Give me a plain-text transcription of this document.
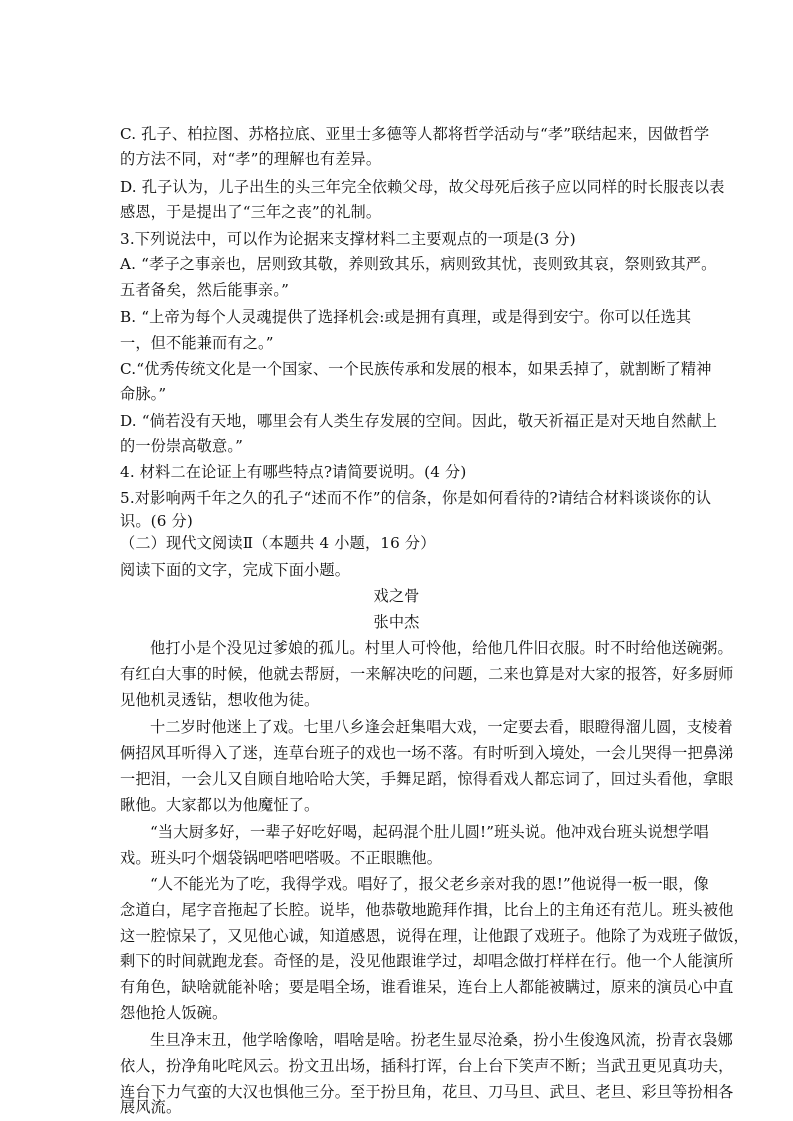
C. 孔子、柏拉图、苏格拉底、亚里士多德等人都将哲学活动与“孝”联结起来，因做哲学
的方法不同，对“孝”的理解也有差异。
D. 孔子认为，儿子出生的头三年完全依赖父母，故父母死后孩子应以同样的时长服丧以表
感恩，于是提出了“三年之丧”的礼制。
3.下列说法中，可以作为论据来支撑材料二主要观点的一项是(3 分)
A. “孝子之事亲也，居则致其敬，养则致其乐，病则致其忧，丧则致其哀，祭则致其严。
五者备矣，然后能事亲。”
B. “上帝为每个人灵魂提供了选择机会:或是拥有真理，或是得到安宁。你可以任选其
一，但不能兼而有之。”
C.“优秀传统文化是一个国家、一个民族传承和发展的根本，如果丢掉了，就割断了精神
命脉。”
D. “倘若没有天地，哪里会有人类生存发展的空间。因此，敬天祈福正是对天地自然献上
的一份崇高敬意。”
4. 材料二在论证上有哪些特点?请简要说明。(4 分)
5.对影响两千年之久的孔子“述而不作”的信条，你是如何看待的?请结合材料谈谈你的认
识。(6 分)
（二）现代文阅读Ⅱ（本题共 4 小题，16 分）
阅读下面的文字，完成下面小题。
戏之骨
张中杰
他打小是个没见过爹娘的孤儿。村里人可怜他，给他几件旧衣服。时不时给他送碗粥。
有红白大事的时候，他就去帮厨，一来解决吃的问题，二来也算是对大家的报答，好多厨师
见他机灵透钻，想收他为徒。
十二岁时他迷上了戏。七里八乡逢会赶集唱大戏，一定要去看，眼瞪得溜儿圆，支棱着
俩招风耳听得入了迷，连草台班子的戏也一场不落。有时听到入境处，一会儿哭得一把鼻涕
一把泪，一会儿又自顾自地哈哈大笑，手舞足蹈，惊得看戏人都忘词了，回过头看他，拿眼
瞅他。大家都以为他魔怔了。
“当大厨多好，一辈子好吃好喝，起码混个肚儿圆!”班头说。他冲戏台班头说想学唱
戏。班头叼个烟袋锅吧嗒吧嗒吸。不正眼瞧他。
“人不能光为了吃，我得学戏。唱好了，报父老乡亲对我的恩!”他说得一板一眼，像
念道白，尾字音拖起了长腔。说毕，他恭敬地跪拜作揖，比台上的主角还有范儿。班头被他
这一腔惊呆了，又见他心诚，知道感恩，说得在理，让他跟了戏班子。他除了为戏班子做饭，
剩下的时间就跑龙套。奇怪的是，没见他跟谁学过，却唱念做打样样在行。他一个人能演所
有角色，缺啥就能补啥；要是唱全场，谁看谁呆，连台上人都能被瞒过，原来的演员心中直
怨他抢人饭碗。
生旦净末丑，他学啥像啥，唱啥是啥。扮老生显尽沧桑，扮小生俊逸风流，扮青衣袅娜
依人，扮净角叱咤风云。扮文丑出场，插科打诨，台上台下笑声不断；当武丑更见真功夫，
连台下力气蛮的大汉也惧他三分。至于扮旦角，花旦、刀马旦、武旦、老旦、彩旦等扮相各
展风流。
